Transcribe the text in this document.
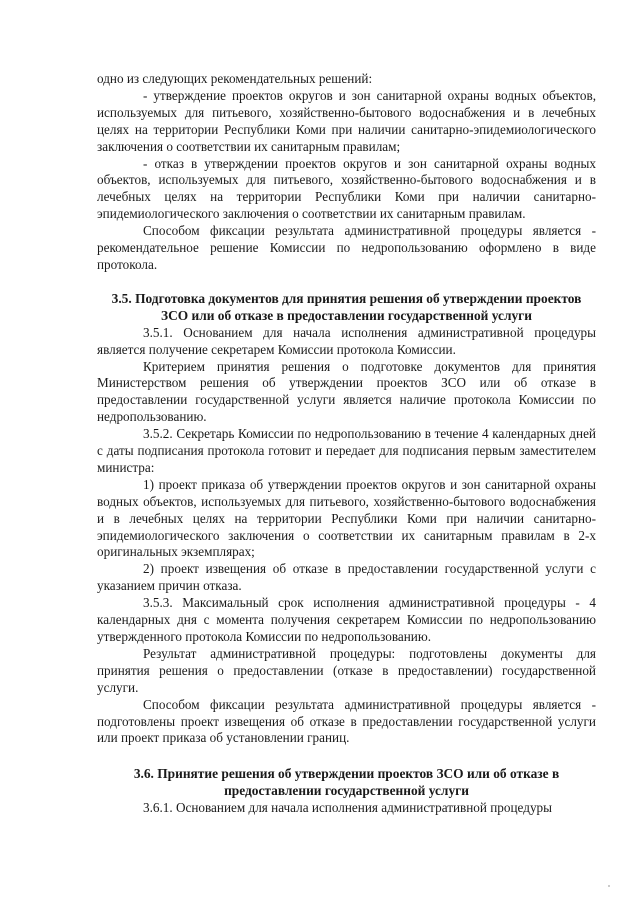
одно из следующих рекомендательных решений:

- утверждение проектов округов и зон санитарной охраны водных объектов, используемых для питьевого, хозяйственно-бытового водоснабжения и в лечебных целях на территории Республики Коми при наличии санитарно-эпидемиологического заключения о соответствии их санитарным правилам;

- отказ в утверждении проектов округов и зон санитарной охраны водных объектов, используемых для питьевого, хозяйственно-бытового водоснабжения и в лечебных целях на территории Республики Коми при наличии санитарно-эпидемиологического заключения о соответствии их санитарным правилам.

Способом фиксации результата административной процедуры является - рекомендательное решение Комиссии по недропользованию оформлено в виде протокола.

3.5. Подготовка документов для принятия решения об утверждении проектов ЗСО или об отказе в предоставлении государственной услуги

3.5.1. Основанием для начала исполнения административной процедуры является получение секретарем Комиссии протокола Комиссии.

Критерием принятия решения о подготовке документов для принятия Министерством решения об утверждении проектов ЗСО или об отказе в предоставлении государственной услуги является наличие протокола Комиссии по недропользованию.

3.5.2. Секретарь Комиссии по недропользованию в течение 4 календарных дней с даты подписания протокола готовит и передает для подписания первым заместителем министра:

1) проект приказа об утверждении проектов округов и зон санитарной охраны водных объектов, используемых для питьевого, хозяйственно-бытового водоснабжения и в лечебных целях на территории Республики Коми при наличии санитарно-эпидемиологического заключения о соответствии их санитарным правилам в 2-х оригинальных экземплярах;

2) проект извещения об отказе в предоставлении государственной услуги с указанием причин отказа.

3.5.3. Максимальный срок исполнения административной процедуры - 4 календарных дня с момента получения секретарем Комиссии по недропользованию утвержденного протокола Комиссии по недропользованию.

Результат административной процедуры: подготовлены документы для принятия решения о предоставлении (отказе в предоставлении) государственной услуги.

Способом фиксации результата административной процедуры является - подготовлены проект извещения об отказе в предоставлении государственной услуги или проект приказа об установлении границ.

3.6. Принятие решения об утверждении проектов ЗСО или об отказе в предоставлении государственной услуги

3.6.1. Основанием для начала исполнения административной процедуры
